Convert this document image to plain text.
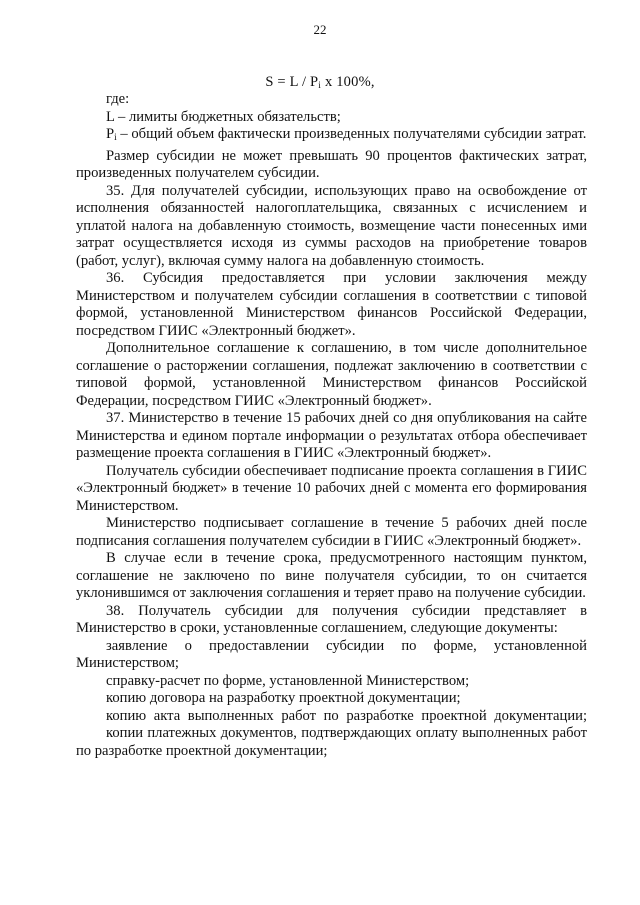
22
$S = L / P_i$ x 100%,

где:

L – лимиты бюджетных обязательств;

$P_i$ – общий объем фактически произведенных получателями субсидии затрат.

Размер субсидии не может превышать 90 процентов фактических затрат, произведенных получателем субсидии.

35. Для получателей субсидии, использующих право на освобождение от исполнения обязанностей налогоплательщика, связанных с исчислением и уплатой налога на добавленную стоимость, возмещение части понесенных ими затрат осуществляется исходя из суммы расходов на приобретение товаров (работ, услуг), включая сумму налога на добавленную стоимость.

36. Субсидия предоставляется при условии заключения между Министерством и получателем субсидии соглашения в соответствии с типовой формой, установленной Министерством финансов Российской Федерации, посредством ГИИС «Электронный бюджет».

Дополнительное соглашение к соглашению, в том числе дополнительное соглашение о расторжении соглашения, подлежат заключению в соответствии с типовой формой, установленной Министерством финансов Российской Федерации, посредством ГИИС «Электронный бюджет».

37. Министерство в течение 15 рабочих дней со дня опубликования на сайте Министерства и едином портале информации о результатах отбора обеспечивает размещение проекта соглашения в ГИИС «Электронный бюджет».

Получатель субсидии обеспечивает подписание проекта соглашения в ГИИС «Электронный бюджет» в течение 10 рабочих дней с момента его формирования Министерством.

Министерство подписывает соглашение в течение 5 рабочих дней после подписания соглашения получателем субсидии в ГИИС «Электронный бюджет».

В случае если в течение срока, предусмотренного настоящим пунктом, соглашение не заключено по вине получателя субсидии, то он считается уклонившимся от заключения соглашения и теряет право на получение субсидии.

38. Получатель субсидии для получения субсидии представляет в Министерство в сроки, установленные соглашением, следующие документы:

заявление о предоставлении субсидии по форме, установленной Министерством;

справку-расчет по форме, установленной Министерством;

копию договора на разработку проектной документации;

копию акта выполненных работ по разработке проектной документации;

копии платежных документов, подтверждающих оплату выполненных работ по разработке проектной документации;
